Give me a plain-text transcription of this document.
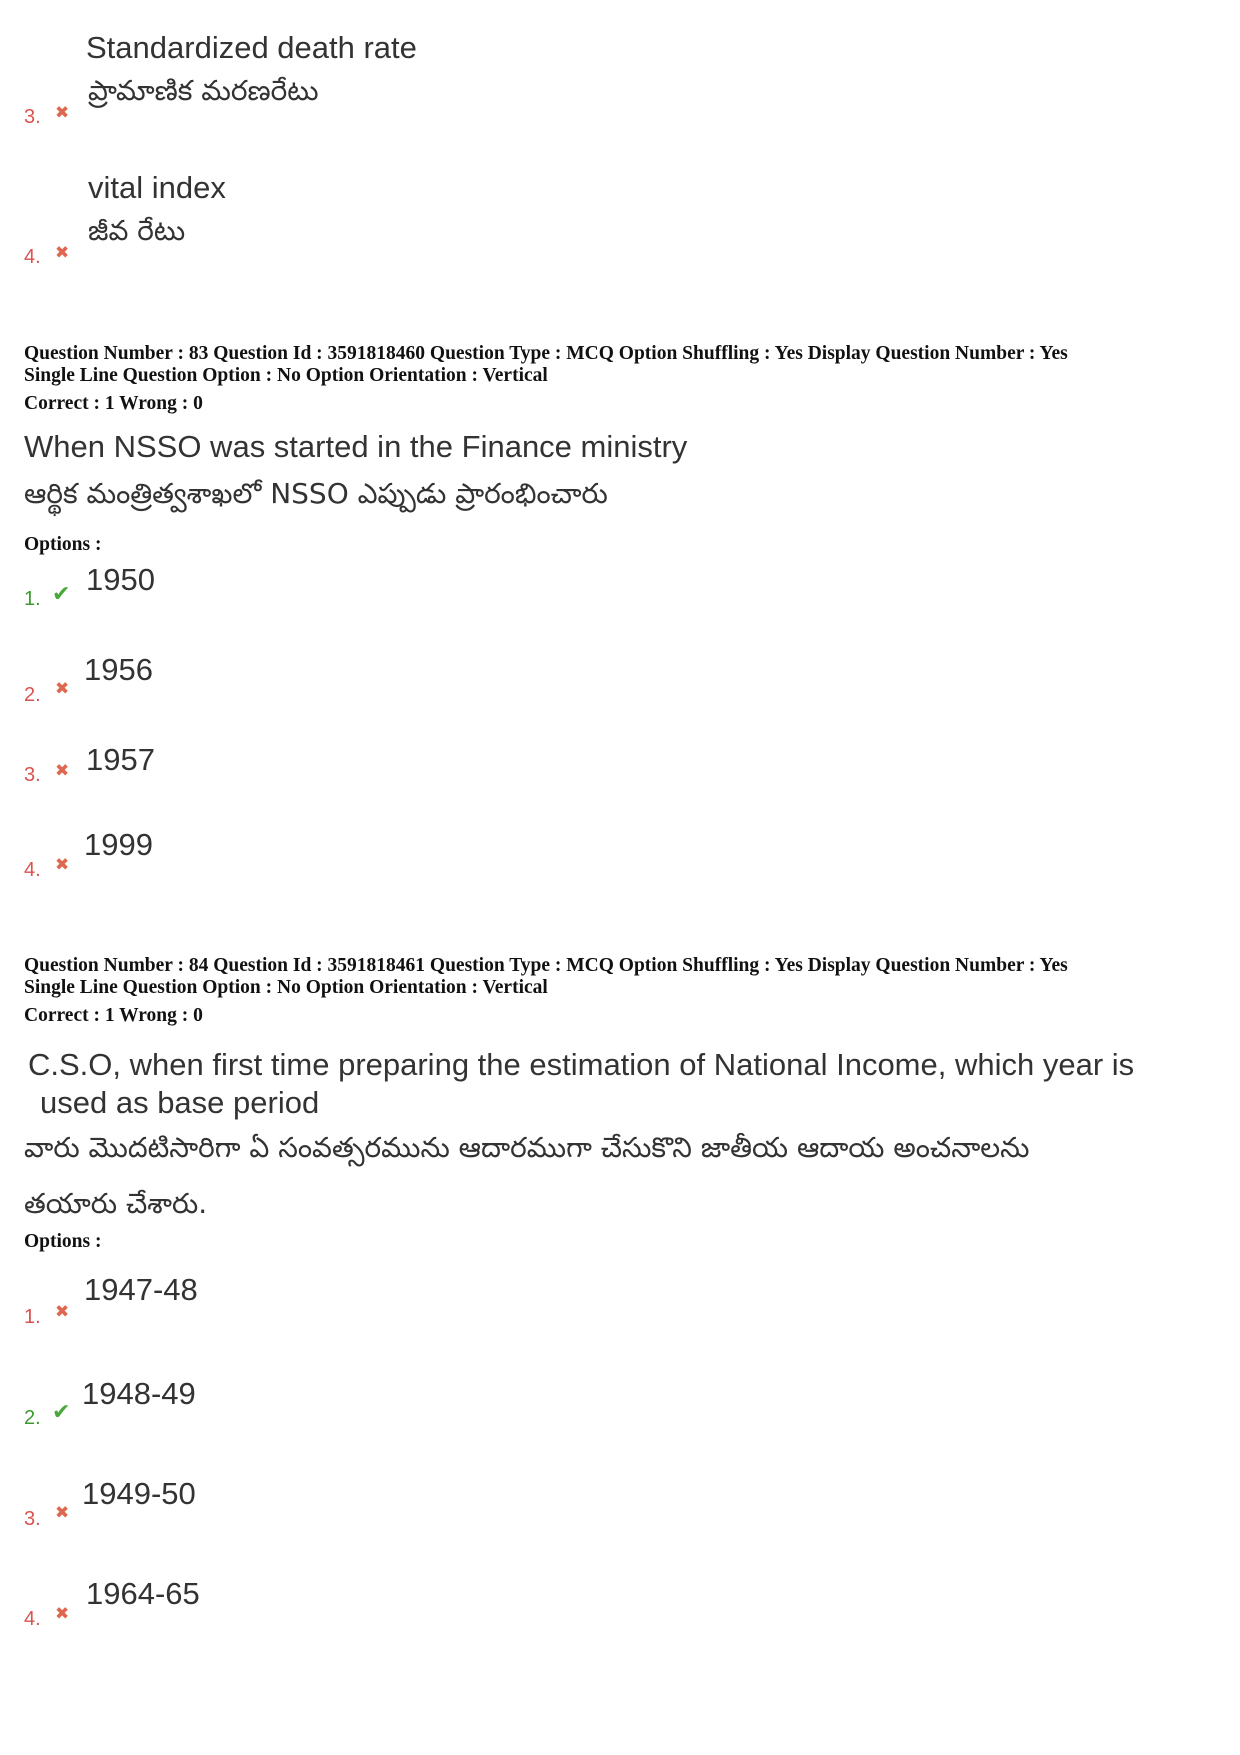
Standardized death rate
ప్రామాణిక మరణరేటు
3. ✖
vital index
జీవ రేటు
4. ✖
Question Number : 83 Question Id : 3591818460 Question Type : MCQ Option Shuffling : Yes Display Question Number : Yes
Single Line Question Option : No Option Orientation : Vertical
Correct : 1 Wrong : 0
When NSSO was started in the Finance ministry
ఆర్థిక మంత్రిత్వశాఖలో NSSO ఎప్పుడు ప్రారంభించారు
Options :
1950
1. ✔
1956
2. ✖
1957
3. ✖
1999
4. ✖
Question Number : 84 Question Id : 3591818461 Question Type : MCQ Option Shuffling : Yes Display Question Number : Yes
Single Line Question Option : No Option Orientation : Vertical
Correct : 1 Wrong : 0
C.S.O, when first time preparing the estimation of National Income, which year is
used as base period
వారు మొదటిసారిగా ఏ సంవత్సరమును ఆదారముగా చేసుకొని జాతీయ ఆదాయ అంచనాలను
తయారు చేశారు.
Options :
1947-48
1. ✖
1948-49
2. ✔
1949-50
3. ✖
1964-65
4. ✖
